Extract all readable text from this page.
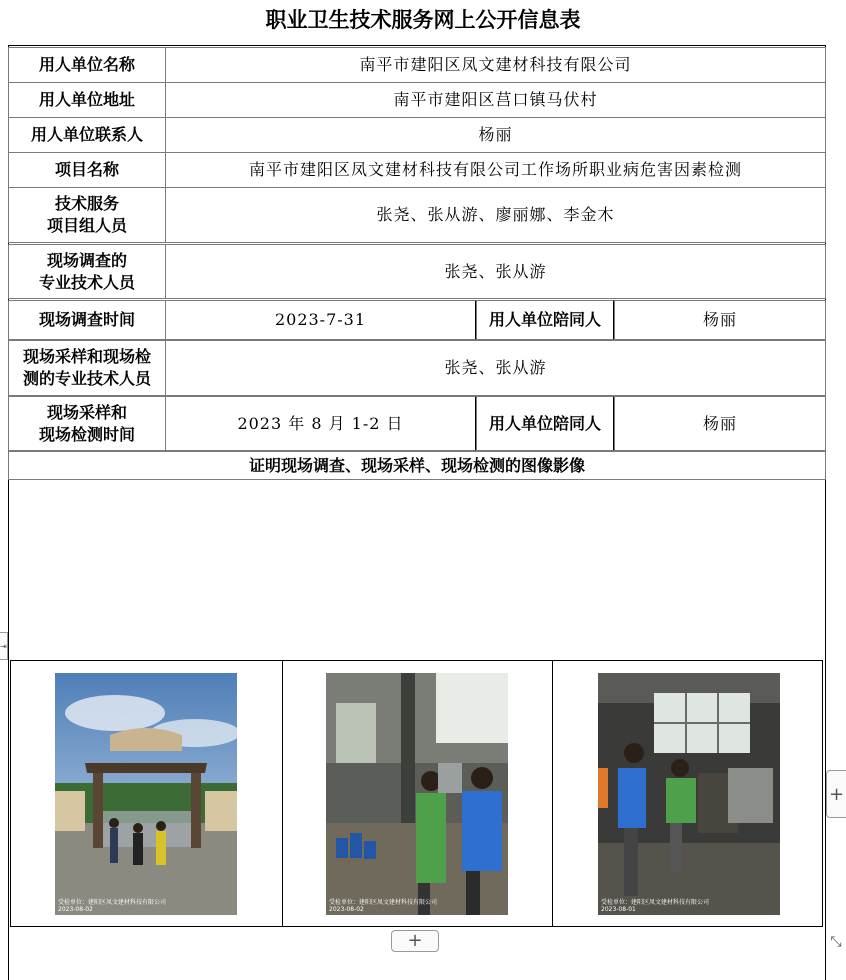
职业卫生技术服务网上公开信息表
用人单位名称	南平市建阳区凤文建材科技有限公司
用人单位地址	南平市建阳区莒口镇马伏村
用人单位联系人	杨丽
项目名称	南平市建阳区凤文建材科技有限公司工作场所职业病危害因素检测
技术服务
项目组人员
张尧、张从游、廖丽娜、李金木
现场调查的
专业技术人员
张尧、张从游
现场调查时间	2023-7-31	用人单位陪同人	杨丽
现场采样和现场检
测的专业技术人员
张尧、张从游
现场采样和
现场检测时间
2023 年 8 月 1-2 日	用人单位陪同人	杨丽
证明现场调查、现场采样、现场检测的图像影像
受检单位：建阳区凤文建材科技有限公司
2023-08-02
受检单位：建阳区凤文建材科技有限公司
2023-08-02
受检单位：建阳区凤文建材科技有限公司
2023-08-01
+
+
⇥
⤡
